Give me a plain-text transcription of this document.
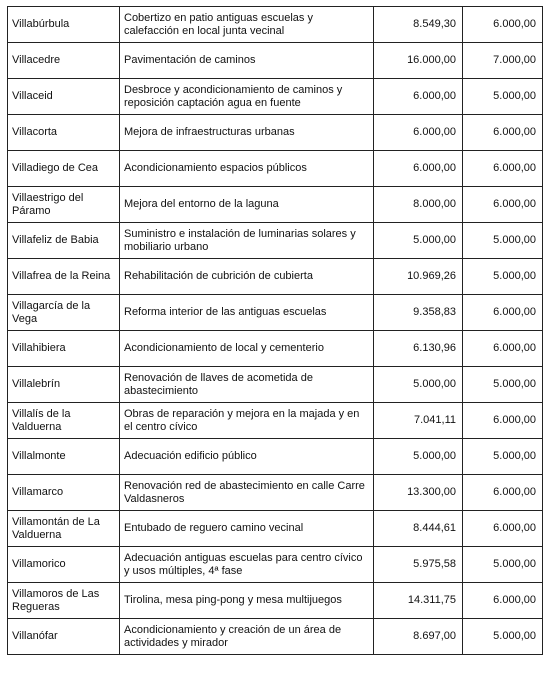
Villabúrbula	Cobertizo en patio antiguas escuelas y calefacción en local junta vecinal	8.549,30	6.000,00
Villacedre	Pavimentación de caminos	16.000,00	7.000,00
Villaceid	Desbroce y acondicionamiento de caminos y reposición captación agua en fuente	6.000,00	5.000,00
Villacorta	Mejora de infraestructuras urbanas	6.000,00	6.000,00
Villadiego de Cea	Acondicionamiento espacios públicos	6.000,00	6.000,00
Villaestrigo del Páramo	Mejora del entorno de la laguna	8.000,00	6.000,00
Villafeliz de Babia	Suministro e instalación de luminarias solares y mobiliario urbano	5.000,00	5.000,00
Villafrea de la Reina	Rehabilitación de cubrición de cubierta	10.969,26	5.000,00
Villagarcía de la Vega	Reforma interior de las antiguas escuelas	9.358,83	6.000,00
Villahibiera	Acondicionamiento de local y cementerio	6.130,96	6.000,00
Villalebrín	Renovación de llaves de acometida de abastecimiento	5.000,00	5.000,00
Villalís de la Valduerna	Obras de reparación y mejora en la majada y en el centro cívico	7.041,11	6.000,00
Villalmonte	Adecuación edificio público	5.000,00	5.000,00
Villamarco	Renovación red de abastecimiento en calle Carre Valdasneros	13.300,00	6.000,00
Villamontán de La Valduerna	Entubado de reguero camino vecinal	8.444,61	6.000,00
Villamorico	Adecuación antiguas escuelas para centro cívico y usos múltiples, 4ª fase	5.975,58	5.000,00
Villamoros de Las Regueras	Tirolina, mesa ping-pong y mesa multijuegos	14.311,75	6.000,00
Villanófar	Acondicionamiento y creación de un área de actividades y mirador	8.697,00	5.000,00
